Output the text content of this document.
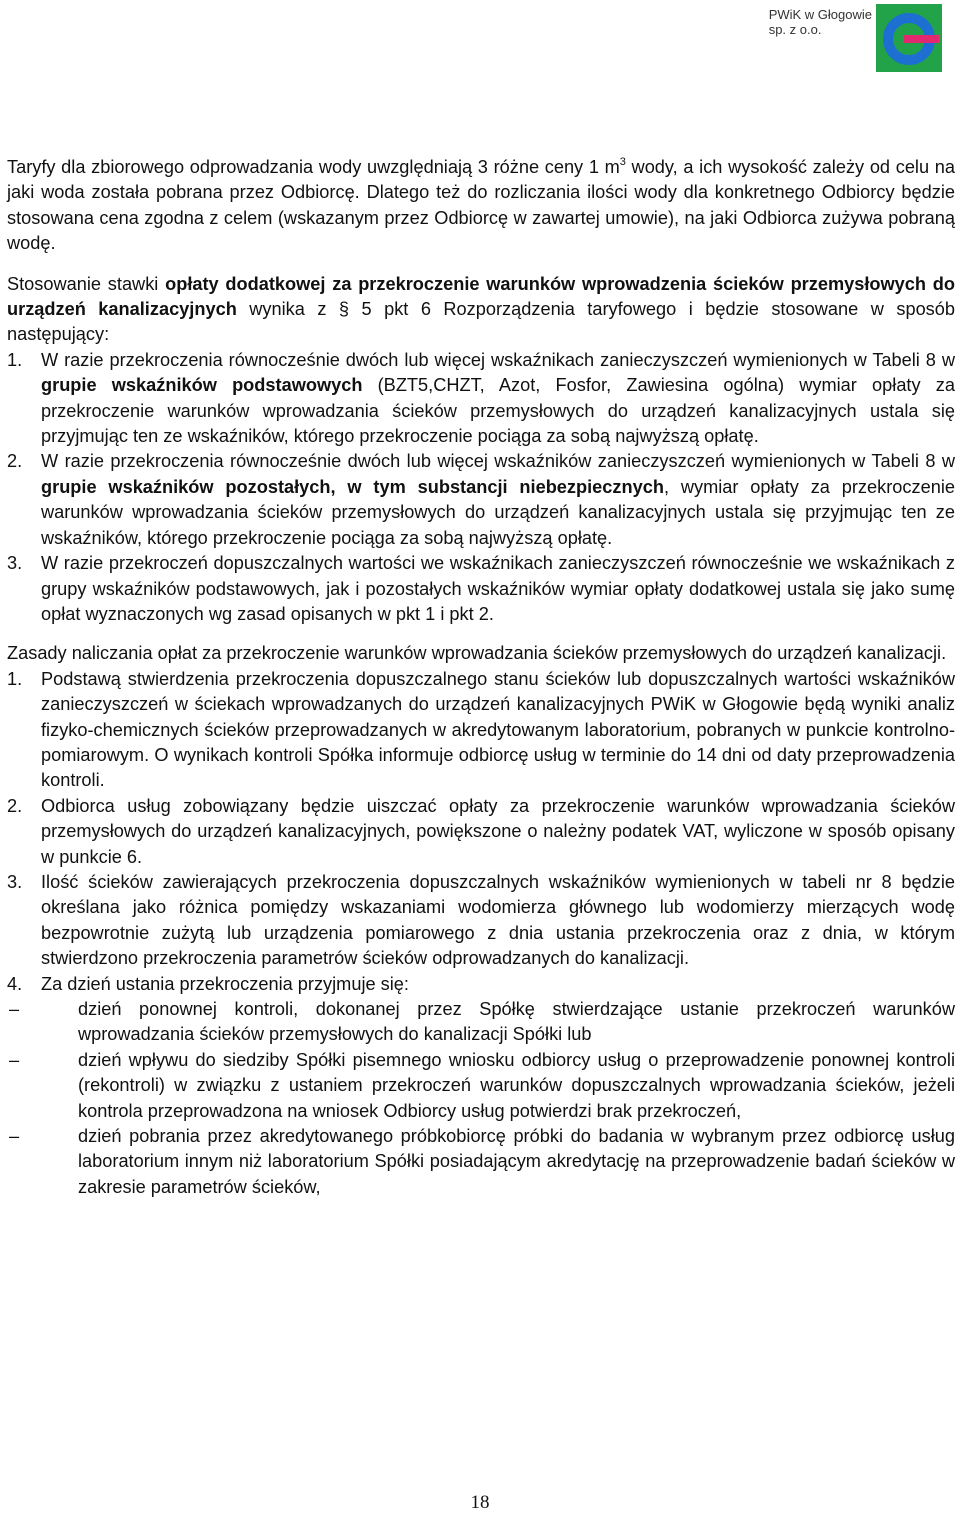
PWiK w Głogowie
sp. z o.o.

Taryfy dla zbiorowego odprowadzania wody uwzględniają 3 różne ceny 1 $m^3$ wody, a ich wysokość zależy od celu na jaki woda została pobrana przez Odbiorcę. Dlatego też do rozliczania ilości wody dla konkretnego Odbiorcy będzie stosowana cena zgodna z celem (wskazanym przez Odbiorcę w zawartej umowie), na jaki Odbiorca zużywa pobraną wodę.

Stosowanie stawki opłaty dodatkowej za przekroczenie warunków wprowadzenia ścieków przemysłowych do urządzeń kanalizacyjnych wynika z § 5 pkt 6 Rozporządzenia taryfowego i będzie stosowane w sposób następujący:

1.	W razie przekroczenia równocześnie dwóch lub więcej wskaźnikach zanieczyszczeń wymienionych w Tabeli 8 w grupie wskaźników podstawowych (BZT5,CHZT, Azot, Fosfor, Zawiesina ogólna) wymiar opłaty za przekroczenie warunków wprowadzania ścieków przemysłowych do urządzeń kanalizacyjnych ustala się przyjmując ten ze wskaźników, którego przekroczenie pociąga za sobą najwyższą opłatę.
2.	W razie przekroczenia równocześnie dwóch lub więcej wskaźników zanieczyszczeń wymienionych w Tabeli 8 w grupie wskaźników pozostałych, w tym substancji niebezpiecznych, wymiar opłaty za przekroczenie warunków wprowadzania ścieków przemysłowych do urządzeń kanalizacyjnych ustala się przyjmując ten ze wskaźników, którego przekroczenie pociąga za sobą najwyższą opłatę.
3.	W razie przekroczeń dopuszczalnych wartości we wskaźnikach zanieczyszczeń równocześnie we wskaźnikach z grupy wskaźników podstawowych, jak i pozostałych wskaźników wymiar opłaty dodatkowej ustala się jako sumę opłat wyznaczonych wg zasad opisanych w pkt 1 i pkt 2.

Zasady naliczania opłat za przekroczenie warunków wprowadzania ścieków przemysłowych do urządzeń kanalizacji.

1.	Podstawą stwierdzenia przekroczenia dopuszczalnego stanu ścieków lub dopuszczalnych wartości wskaźników zanieczyszczeń w ściekach wprowadzanych do urządzeń kanalizacyjnych PWiK w Głogowie będą wyniki analiz fizyko-chemicznych ścieków przeprowadzanych w akredytowanym laboratorium, pobranych w punkcie kontrolno-pomiarowym. O wynikach kontroli Spółka informuje odbiorcę usług w terminie do 14 dni od daty przeprowadzenia kontroli.
2.	Odbiorca usług zobowiązany będzie uiszczać opłaty za przekroczenie warunków wprowadzania ścieków przemysłowych do urządzeń kanalizacyjnych, powiększone o należny podatek VAT, wyliczone w sposób opisany w punkcie 6.
3.	Ilość ścieków zawierających przekroczenia dopuszczalnych wskaźników wymienionych w tabeli nr 8 będzie określana jako różnica pomiędzy wskazaniami wodomierza głównego lub wodomierzy mierzących wodę bezpowrotnie zużytą lub urządzenia pomiarowego z dnia ustania przekroczenia oraz z dnia, w którym stwierdzono przekroczenia parametrów ścieków odprowadzanych do kanalizacji.
4.	Za dzień ustania przekroczenia przyjmuje się:
–	dzień ponownej kontroli, dokonanej przez Spółkę stwierdzające ustanie przekroczeń warunków wprowadzania ścieków przemysłowych do kanalizacji Spółki lub
–	dzień wpływu do siedziby Spółki pisemnego wniosku odbiorcy usług o przeprowadzenie ponownej kontroli (rekontroli) w związku z ustaniem przekroczeń warunków dopuszczalnych wprowadzania ścieków, jeżeli kontrola przeprowadzona na wniosek Odbiorcy usług potwierdzi brak przekroczeń,
–	dzień pobrania przez akredytowanego próbkobiorcę próbki do badania w wybranym przez odbiorcę usług laboratorium innym niż laboratorium Spółki posiadającym akredytację na przeprowadzenie badań ścieków w zakresie parametrów ścieków,
18
